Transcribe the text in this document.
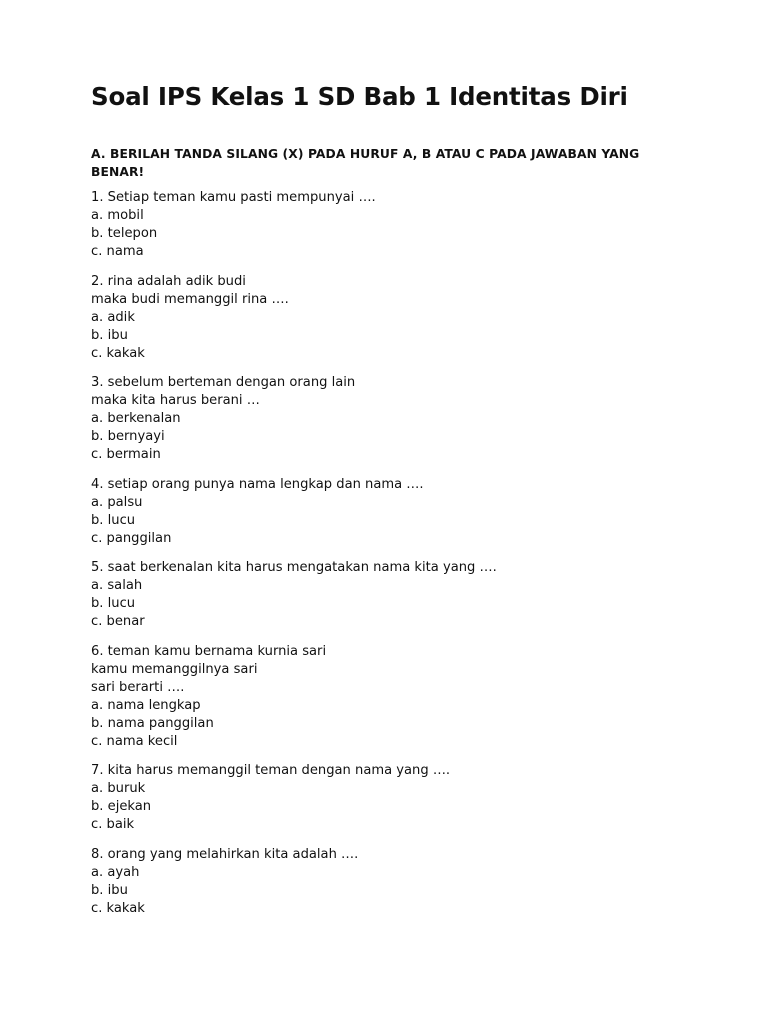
Soal IPS Kelas 1 SD Bab 1 Identitas Diri
A. BERILAH TANDA SILANG (X) PADA HURUF A, B ATAU C PADA JAWABAN YANG BENAR!
1. Setiap teman kamu pasti mempunyai ….
a. mobil
b. telepon
c. nama
2. rina adalah adik budi
maka budi memanggil rina ….
a. adik
b. ibu
c. kakak
3. sebelum berteman dengan orang lain
maka kita harus berani …
a. berkenalan
b. bernyayi
c. bermain
4. setiap orang punya nama lengkap dan nama ….
a. palsu
b. lucu
c. panggilan
5. saat berkenalan kita harus mengatakan nama kita yang ….
a. salah
b. lucu
c. benar
6. teman kamu bernama kurnia sari
kamu memanggilnya sari
sari berarti ….
a. nama lengkap
b. nama panggilan
c. nama kecil
7. kita harus memanggil teman dengan nama yang ….
a. buruk
b. ejekan
c. baik
8. orang yang melahirkan kita adalah ….
a. ayah
b. ibu
c. kakak
